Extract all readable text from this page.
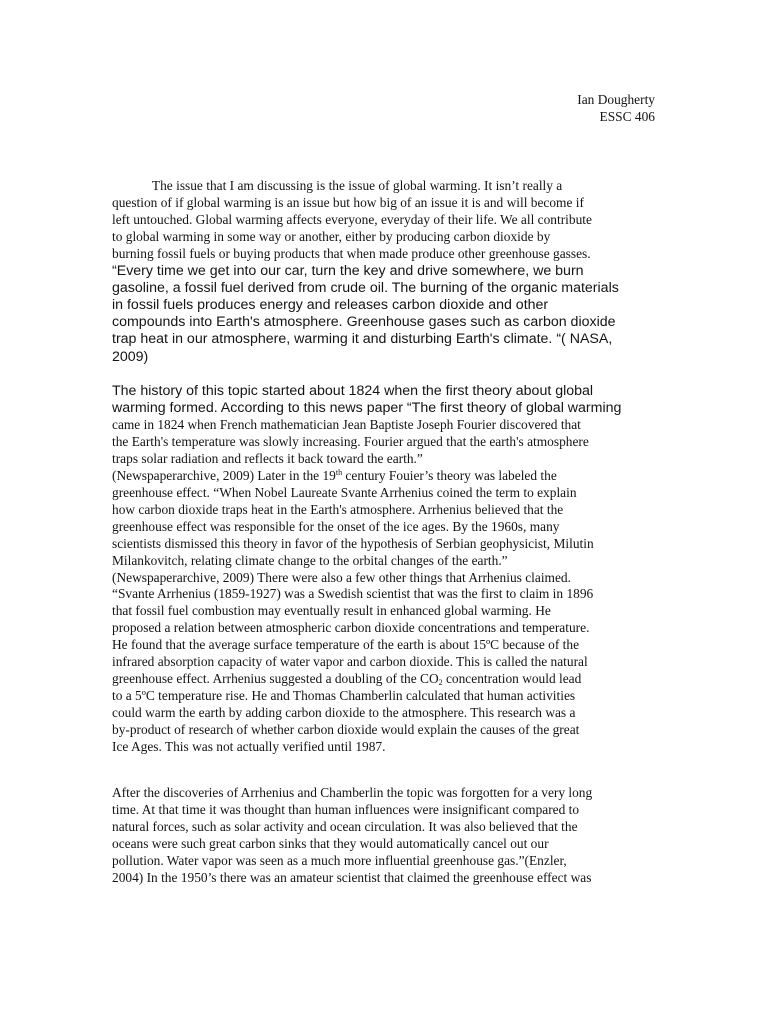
Ian Dougherty
ESSC 406
The issue that I am discussing is the issue of global warming. It isn’t really a
question of if global warming is an issue but how big of an issue it is and will become if
left untouched. Global warming affects everyone, everyday of their life. We all contribute
to global warming in some way or another, either by producing carbon dioxide by
burning fossil fuels or buying products that when made produce other greenhouse gasses.
“Every time we get into our car, turn the key and drive somewhere, we burn
gasoline, a fossil fuel derived from crude oil. The burning of the organic materials
in fossil fuels produces energy and releases carbon dioxide and other
compounds into Earth's atmosphere. Greenhouse gases such as carbon dioxide
trap heat in our atmosphere, warming it and disturbing Earth's climate. “( NASA,
2009)
The history of this topic started about 1824 when the first theory about global
warming formed. According to this news paper “The first theory of global warming
came in 1824 when French mathematician Jean Baptiste Joseph Fourier discovered that
the Earth's temperature was slowly increasing. Fourier argued that the earth's atmosphere
traps solar radiation and reflects it back toward the earth.”
(Newspaperarchive, 2009) Later in the 19th century Fouier’s theory was labeled the
greenhouse effect. “When Nobel Laureate Svante Arrhenius coined the term to explain
how carbon dioxide traps heat in the Earth's atmosphere. Arrhenius believed that the
greenhouse effect was responsible for the onset of the ice ages. By the 1960s, many
scientists dismissed this theory in favor of the hypothesis of Serbian geophysicist, Milutin
Milankovitch, relating climate change to the orbital changes of the earth.”
(Newspaperarchive, 2009) There were also a few other things that Arrhenius claimed.
“Svante Arrhenius (1859-1927) was a Swedish scientist that was the first to claim in 1896
that fossil fuel combustion may eventually result in enhanced global warming. He
proposed a relation between atmospheric carbon dioxide concentrations and temperature.
He found that the average surface temperature of the earth is about 15ºC because of the
infrared absorption capacity of water vapor and carbon dioxide. This is called the natural
greenhouse effect. Arrhenius suggested a doubling of the $CO_2$ concentration would lead
to a 5ºC temperature rise. He and Thomas Chamberlin calculated that human activities
could warm the earth by adding carbon dioxide to the atmosphere. This research was a
by-product of research of whether carbon dioxide would explain the causes of the great
Ice Ages. This was not actually verified until 1987.
After the discoveries of Arrhenius and Chamberlin the topic was forgotten for a very long
time. At that time it was thought than human influences were insignificant compared to
natural forces, such as solar activity and ocean circulation. It was also believed that the
oceans were such great carbon sinks that they would automatically cancel out our
pollution. Water vapor was seen as a much more influential greenhouse gas.”(Enzler,
2004) In the 1950’s there was an amateur scientist that claimed the greenhouse effect was
